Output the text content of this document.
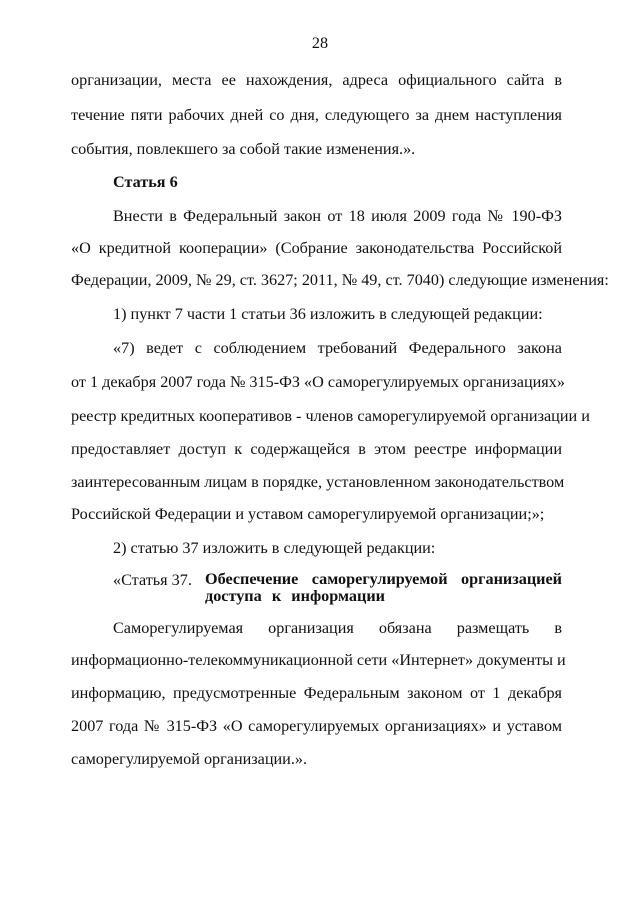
28
организации, места ее нахождения, адреса официального сайта в
течение пяти рабочих дней со дня, следующего за днем наступления
события, повлекшего за собой такие изменения.».
Статья 6
Внести в Федеральный закон от 18 июля 2009 года № 190-ФЗ
«О кредитной кооперации» (Собрание законодательства Российской
Федерации, 2009, № 29, ст. 3627; 2011, № 49, ст. 7040) следующие изменения:
1) пункт 7 части 1 статьи 36 изложить в следующей редакции:
«7) ведет с соблюдением требований Федерального закона
от 1 декабря 2007 года № 315-ФЗ «О саморегулируемых организациях»
реестр кредитных кооперативов - членов саморегулируемой организации и
предоставляет доступ к содержащейся в этом реестре информации
заинтересованным лицам в порядке, установленном законодательством
Российской Федерации и уставом саморегулируемой организации;»;
2) статью 37 изложить в следующей редакции:
«Статья 37. Обеспечение саморегулируемой организацией
доступа к информации
Саморегулируемая организация обязана размещать в
информационно-телекоммуникационной сети «Интернет» документы и
информацию, предусмотренные Федеральным законом от 1 декабря
2007 года № 315-ФЗ «О саморегулируемых организациях» и уставом
саморегулируемой организации.».
